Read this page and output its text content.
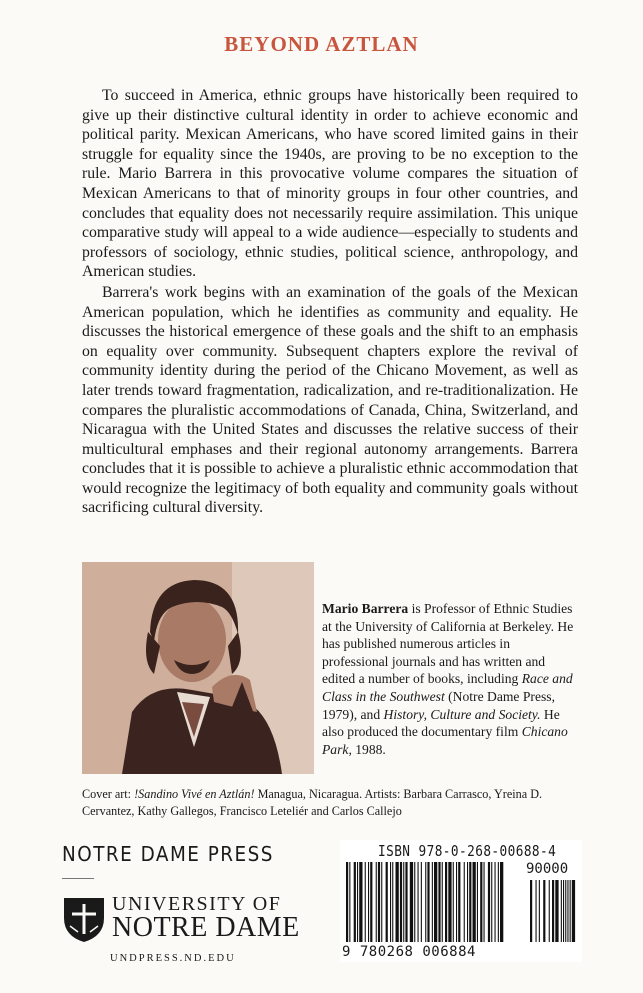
BEYOND AZTLAN

To succeed in America, ethnic groups have historically been required to give up their distinctive cultural identity in order to achieve economic and political parity. Mexican Americans, who have scored limited gains in their struggle for equality since the 1940s, are proving to be no exception to the rule. Mario Barrera in this provocative volume compares the situation of Mexican Americans to that of minority groups in four other countries, and concludes that equality does not necessarily require assimilation. This unique comparative study will appeal to a wide audience—especially to students and professors of sociology, ethnic studies, political science, anthropology, and American studies.

Barrera's work begins with an examination of the goals of the Mexican American population, which he identifies as community and equality. He discusses the historical emergence of these goals and the shift to an emphasis on equality over community. Subsequent chapters explore the revival of community identity during the period of the Chicano Movement, as well as later trends toward fragmentation, radicalization, and re-traditionalization. He compares the pluralistic accommodations of Canada, China, Switzerland, and Nicaragua with the United States and discusses the relative success of their multicultural emphases and their regional autonomy arrangements. Barrera concludes that it is possible to achieve a pluralistic ethnic accommodation that would recognize the legitimacy of both equality and community goals without sacrificing cultural diversity.

Mario Barrera is Professor of Ethnic Studies at the University of California at Berkeley. He has published numerous articles in professional journals and has written and edited a number of books, including Race and Class in the Southwest (Notre Dame Press, 1979), and History, Culture and Society. He also produced the documentary film Chicano Park, 1988.
Cover art: !Sandino Vivé en Aztlán! Managua, Nicaragua. Artists: Barbara Carrasco, Yreina D. Cervantez, Kathy Gallegos, Francisco Leteliér and Carlos Callejo
NOTRE DAME PRESS
UNIVERSITY OF
NOTRE DAME
UNDPRESS.ND.EDU
ISBN 978-0-268-00688-4
90000
9 780268 006884
